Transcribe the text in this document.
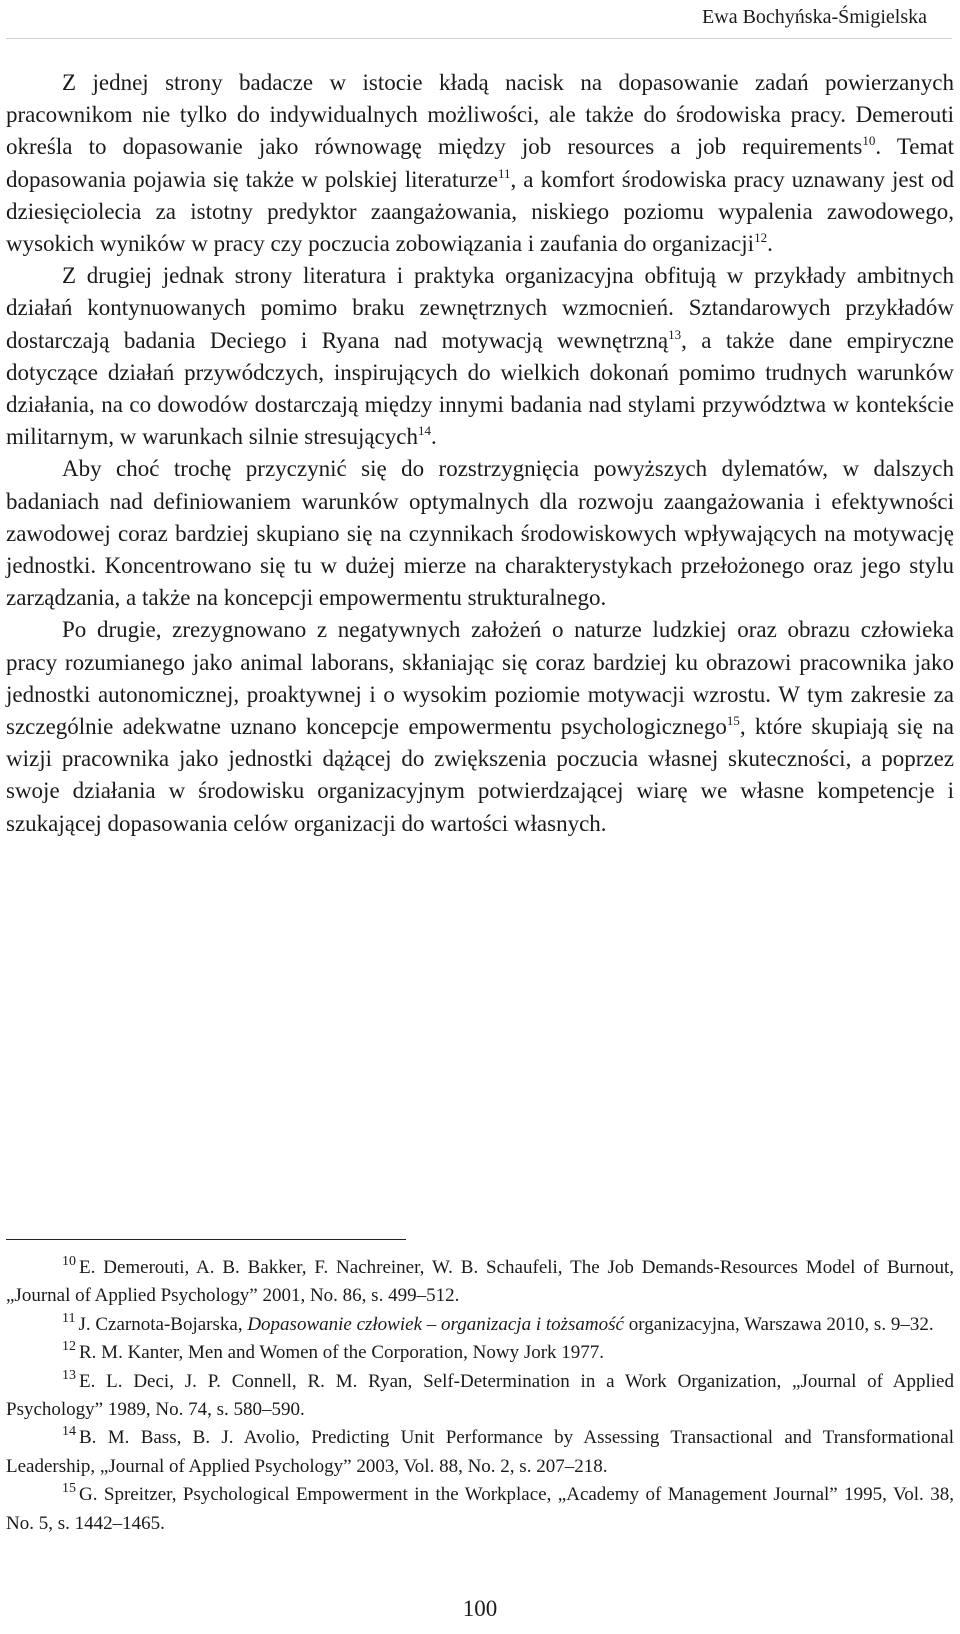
Ewa Bochyńska-Śmigielska

Z jednej strony badacze w istocie kładą nacisk na dopasowanie zadań powierzanych pracownikom nie tylko do indywidualnych możliwości, ale także do środowiska pracy. Demerouti określa to dopasowanie jako równowagę między job resources a job requirements$^{10}$. Temat dopasowania pojawia się także w polskiej literaturze$^{11}$, a komfort środowiska pracy uznawany jest od dziesięciolecia za istotny predyktor zaangażowania, niskiego poziomu wypalenia zawodowego, wysokich wyników w pracy czy poczucia zobowiązania i zaufania do organizacji$^{12}$.

Z drugiej jednak strony literatura i praktyka organizacyjna obfitują w przykłady ambitnych działań kontynuowanych pomimo braku zewnętrznych wzmocnień. Sztandarowych przykładów dostarczają badania Deciego i Ryana nad motywacją wewnętrzną$^{13}$, a także dane empiryczne dotyczące działań przywódczych, inspirujących do wielkich dokonań pomimo trudnych warunków działania, na co dowodów dostarczają między innymi badania nad stylami przywództwa w kontekście militarnym, w warunkach silnie stresujących$^{14}$.

Aby choć trochę przyczynić się do rozstrzygnięcia powyższych dylematów, w dalszych badaniach nad definiowaniem warunków optymalnych dla rozwoju zaangażowania i efektywności zawodowej coraz bardziej skupiano się na czynnikach środowiskowych wpływających na motywację jednostki. Koncentrowano się tu w dużej mierze na charakterystykach przełożonego oraz jego stylu zarządzania, a także na koncepcji empowermentu strukturalnego.

Po drugie, zrezygnowano z negatywnych założeń o naturze ludzkiej oraz obrazu człowieka pracy rozumianego jako animal laborans, skłaniając się coraz bardziej ku obrazowi pracownika jako jednostki autonomicznej, proaktywnej i o wysokim poziomie motywacji wzrostu. W tym zakresie za szczególnie adekwatne uznano koncepcje empowermentu psychologicznego$^{15}$, które skupiają się na wizji pracownika jako jednostki dążącej do zwiększenia poczucia własnej skuteczności, a poprzez swoje działania w środowisku organizacyjnym potwierdzającej wiarę we własne kompetencje i szukającej dopasowania celów organizacji do wartości własnych.

$^{10}$ E. Demerouti, A. B. Bakker, F. Nachreiner, W. B. Schaufeli, The Job Demands-Resources Model of Burnout, „Journal of Applied Psychology” 2001, No. 86, s. 499–512.

$^{11}$ J. Czarnota-Bojarska, Dopasowanie człowiek – organizacja i tożsamość organizacyjna, Warszawa 2010, s. 9–32.

$^{12}$ R. M. Kanter, Men and Women of the Corporation, Nowy Jork 1977.

$^{13}$ E. L. Deci, J. P. Connell, R. M. Ryan, Self-Determination in a Work Organization, „Journal of Applied Psychology” 1989, No. 74, s. 580–590.

$^{14}$ B. M. Bass, B. J. Avolio, Predicting Unit Performance by Assessing Transactional and Transformational Leadership, „Journal of Applied Psychology” 2003, Vol. 88, No. 2, s. 207–218.

$^{15}$ G. Spreitzer, Psychological Empowerment in the Workplace, „Academy of Management Journal” 1995, Vol. 38, No. 5, s. 1442–1465.

100
